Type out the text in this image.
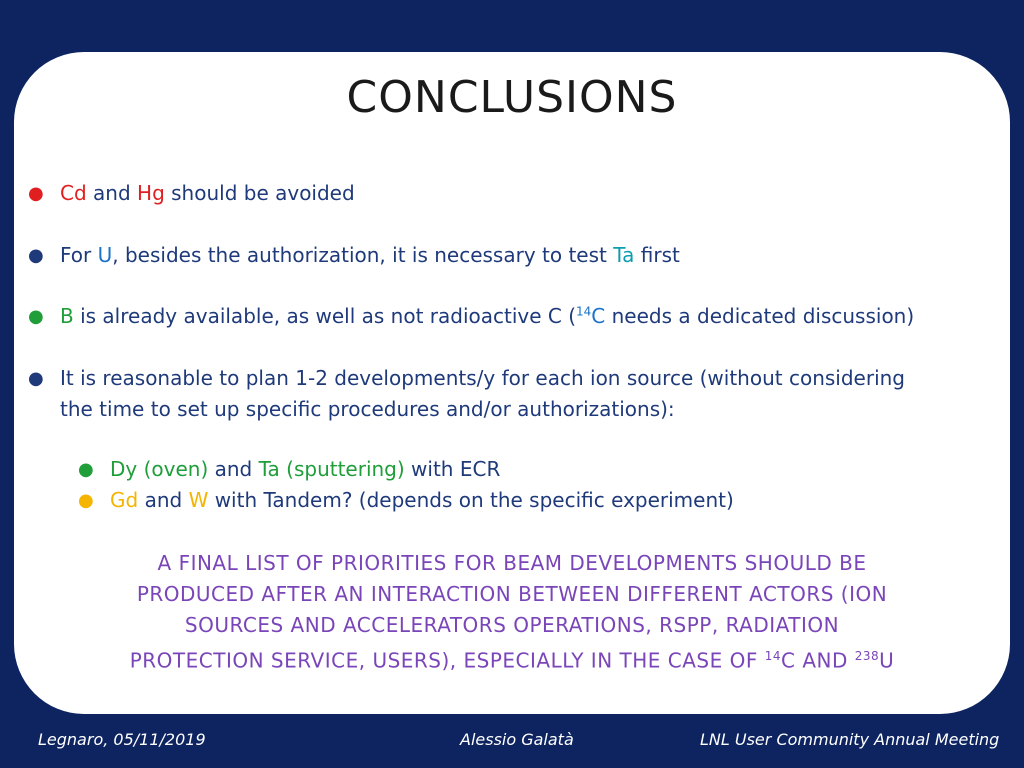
CONCLUSIONS
● Cd and Hg should be avoided
● For U, besides the authorization, it is necessary to test Ta first
● B is already available, as well as not radioactive C ($^{14}$C needs a dedicated discussion)
● It is reasonable to plan 1-2 developments/y for each ion source (without considering
the time to set up specific procedures and/or authorizations):
● Dy (oven) and Ta (sputtering) with ECR
● Gd and W with Tandem? (depends on the specific experiment)
A FINAL LIST OF PRIORITIES FOR BEAM DEVELOPMENTS SHOULD BE
PRODUCED AFTER AN INTERACTION BETWEEN DIFFERENT ACTORS (ION
SOURCES AND ACCELERATORS OPERATIONS, RSPP, RADIATION
PROTECTION SERVICE, USERS), ESPECIALLY IN THE CASE OF $^{14}$C AND $^{238}$U
Legnaro, 05/11/2019	Alessio Galatà	LNL User Community Annual Meeting
